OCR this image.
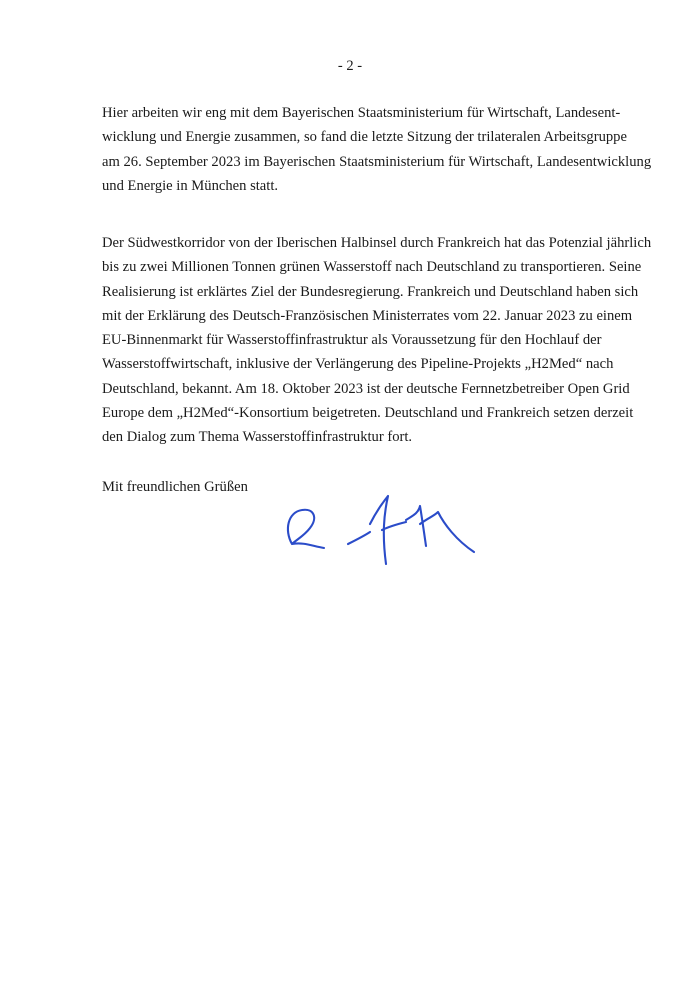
- 2 -
Hier arbeiten wir eng mit dem Bayerischen Staatsministerium für Wirtschaft, Landesent-
wicklung und Energie zusammen, so fand die letzte Sitzung der trilateralen Arbeitsgruppe
am 26. September 2023 im Bayerischen Staatsministerium für Wirtschaft, Landesentwicklung
und Energie in München statt.
Der Südwestkorridor von der Iberischen Halbinsel durch Frankreich hat das Potenzial jährlich
bis zu zwei Millionen Tonnen grünen Wasserstoff nach Deutschland zu transportieren. Seine
Realisierung ist erklärtes Ziel der Bundesregierung. Frankreich und Deutschland haben sich
mit der Erklärung des Deutsch-Französischen Ministerrates vom 22. Januar 2023 zu einem
EU-Binnenmarkt für Wasserstoffinfrastruktur als Voraussetzung für den Hochlauf der
Wasserstoffwirtschaft, inklusive der Verlängerung des Pipeline-Projekts „H2Med“ nach
Deutschland, bekannt. Am 18. Oktober 2023 ist der deutsche Fernnetzbetreiber Open Grid
Europe dem „H2Med“-Konsortium beigetreten. Deutschland und Frankreich setzen derzeit
den Dialog zum Thema Wasserstoffinfrastruktur fort.
Mit freundlichen Grüßen
